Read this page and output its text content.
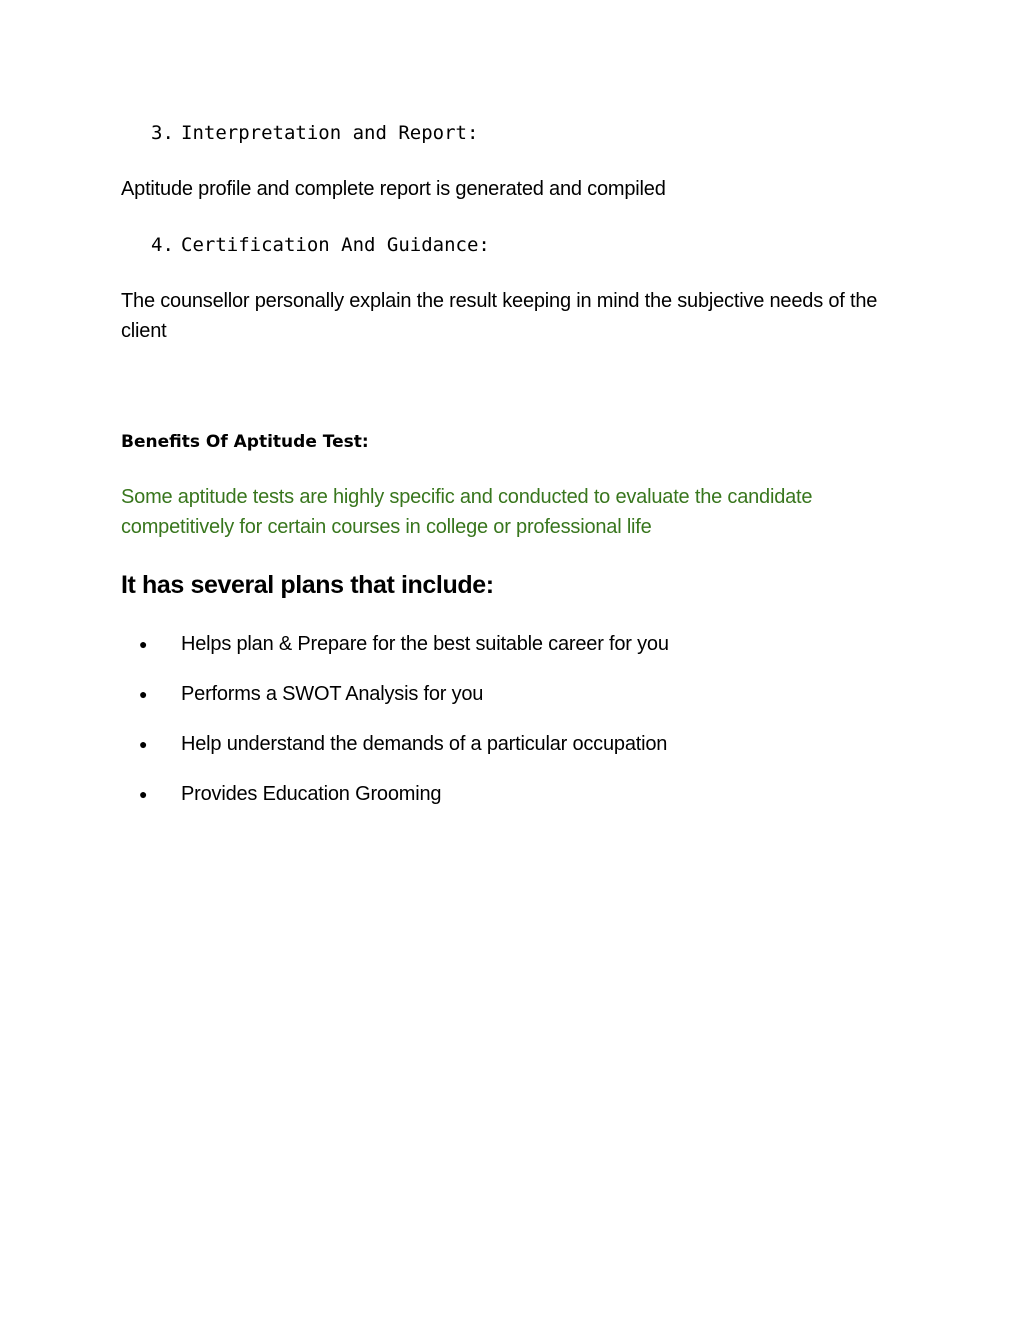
3. Interpretation and Report:
Aptitude profile and complete report is generated and compiled
4. Certification And Guidance:
The counsellor personally explain the result keeping in mind the subjective needs of the client
Benefits Of Aptitude Test:
Some aptitude tests are highly specific and conducted to evaluate the candidate competitively for certain courses in college or professional life
It has several plans that include:
● Helps plan & Prepare for the best suitable career for you
● Performs a SWOT Analysis for you
● Help understand the demands of a particular occupation
● Provides Education Grooming
